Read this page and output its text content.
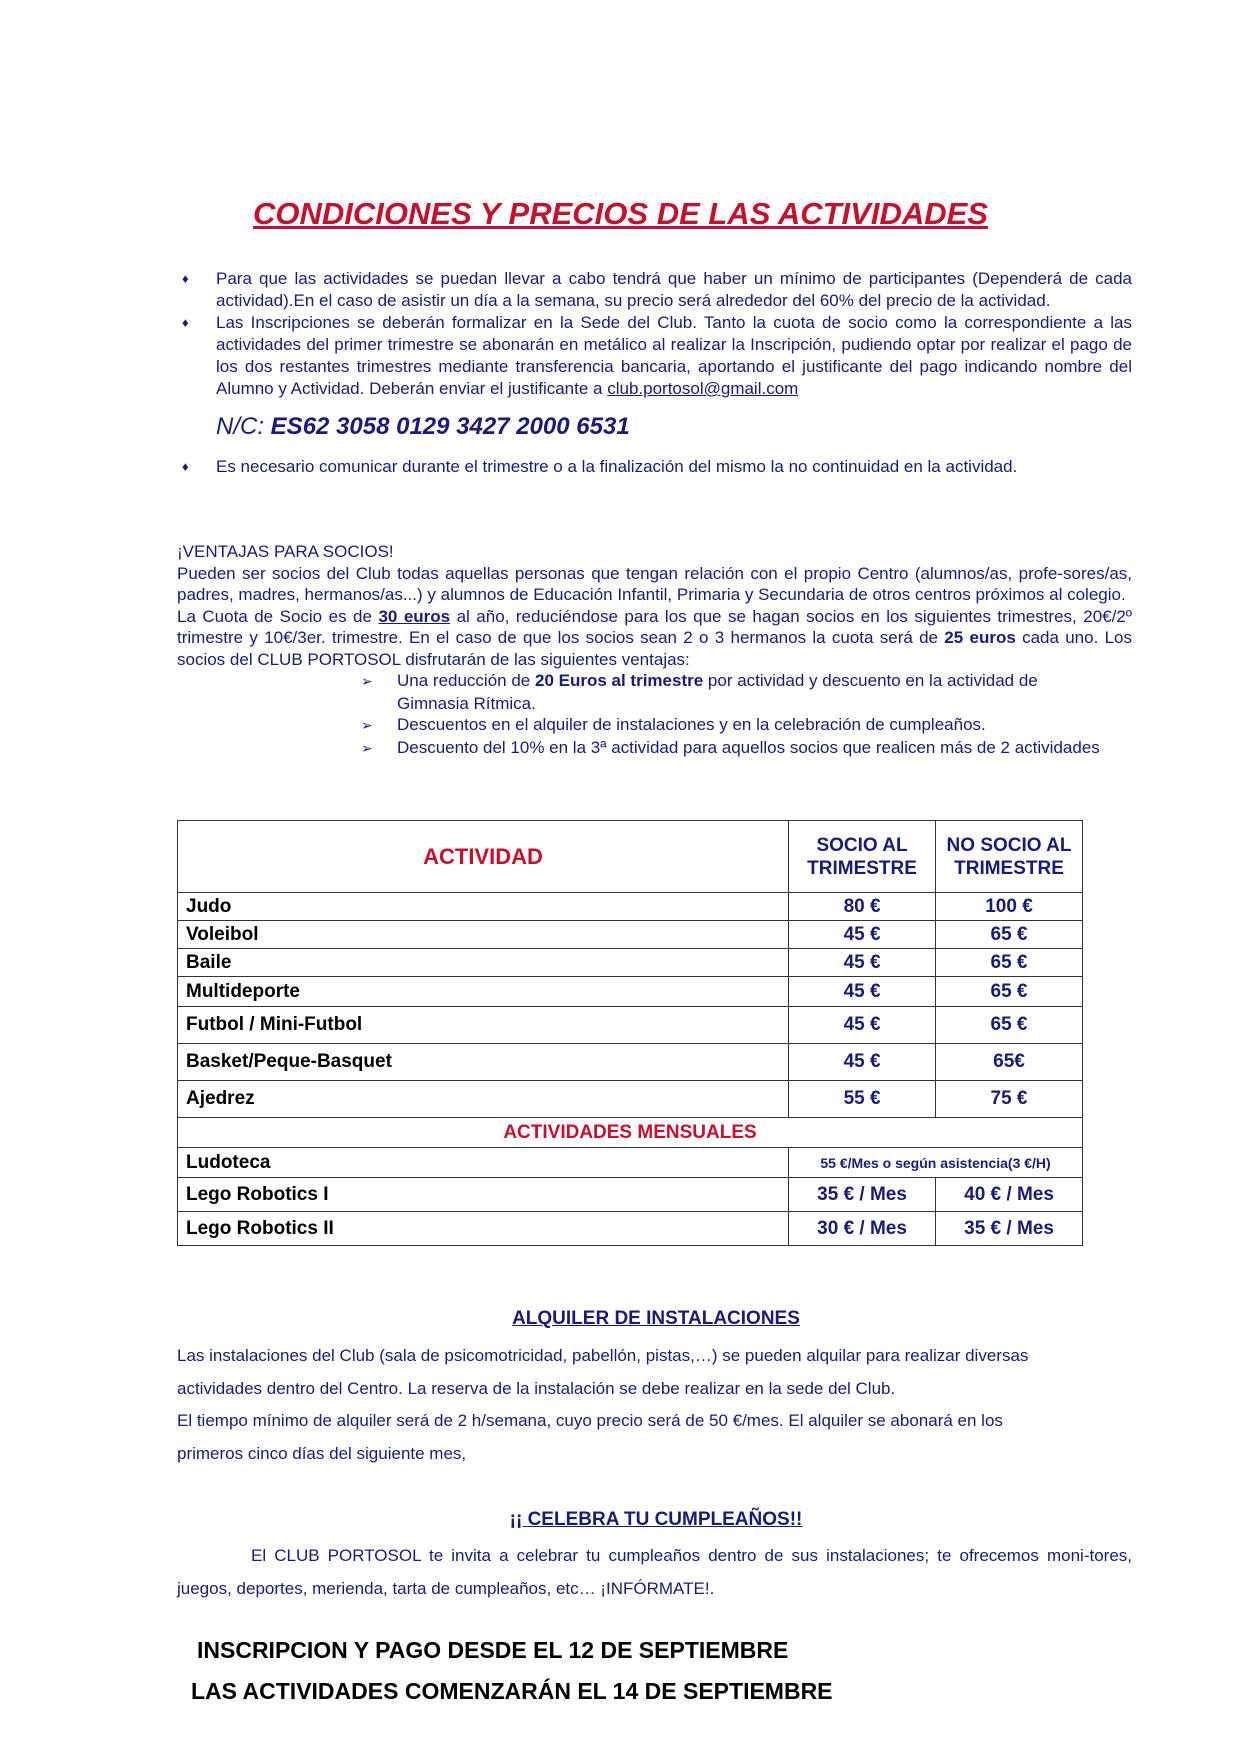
CONDICIONES Y PRECIOS DE LAS ACTIVIDADES
♦ Para que las actividades se puedan llevar a cabo tendrá que haber un mínimo de participantes (Dependerá de cada actividad).En el caso de asistir un día a la semana, su precio será alrededor del 60% del precio de la actividad.
♦ Las Inscripciones se deberán formalizar en la Sede del Club. Tanto la cuota de socio como la correspondiente a las actividades del primer trimestre se abonarán en metálico al realizar la Inscripción, pudiendo optar por realizar el pago de los dos restantes trimestres mediante transferencia bancaria, aportando el justificante del pago indicando nombre del Alumno y Actividad. Deberán enviar el justificante a club.portosol@gmail.com
N/C: ES62 3058 0129 3427 2000 6531
♦ Es necesario comunicar durante el trimestre o a la finalización del mismo la no continuidad en la actividad.

¡VENTAJAS PARA SOCIOS!

Pueden ser socios del Club todas aquellas personas que tengan relación con el propio Centro (alumnos/as, profe-sores/as, padres, madres, hermanos/as...) y alumnos de Educación Infantil, Primaria y Secundaria de otros centros próximos al colegio.

La Cuota de Socio es de 30 euros al año, reduciéndose para los que se hagan socios en los siguientes trimestres, 20€/2º trimestre y 10€/3er. trimestre. En el caso de que los socios sean 2 o 3 hermanos la cuota será de 25 euros cada uno. Los socios del CLUB PORTOSOL disfrutarán de las siguientes ventajas:

➢ Una reducción de 20 Euros al trimestre por actividad y descuento en la actividad de Gimnasia Rítmica.
➢ Descuentos en el alquiler de instalaciones y en la celebración de cumpleaños.
➢ Descuento del 10% en la 3ª actividad para aquellos socios que realicen más de 2 actividades
ACTIVIDAD	SOCIO AL TRIMESTRE	NO SOCIO AL TRIMESTRE
Judo	80 €	100 €
Voleibol	45 €	65 €
Baile	45 €	65 €
Multideporte	45 €	65 €
Futbol / Mini-Futbol	45 €	65 €
Basket/Peque-Basquet	45 €	65€
Ajedrez	55 €	75 €
ACTIVIDADES MENSUALES		
Ludoteca	55 €/Mes o según asistencia(3 €/H)	
Lego Robotics I	35 € / Mes	40 € / Mes
Lego Robotics II	30 € / Mes	35 € / Mes
ALQUILER DE INSTALACIONES

Las instalaciones del Club (sala de psicomotricidad, pabellón, pistas,…) se pueden alquilar para realizar diversas

actividades dentro del Centro. La reserva de la instalación se debe realizar en la sede del Club.

El tiempo mínimo de alquiler será de 2 h/semana, cuyo precio será de 50 €/mes. El alquiler se abonará en los

primeros cinco días del siguiente mes,

¡¡ CELEBRA TU CUMPLEAÑOS!!

El CLUB PORTOSOL te invita a celebrar tu cumpleaños dentro de sus instalaciones; te ofrecemos moni-tores, juegos, deportes, merienda, tarta de cumpleaños, etc… ¡INFÓRMATE!.

INSCRIPCION Y PAGO DESDE EL 12 DE SEPTIEMBRE
LAS ACTIVIDADES COMENZARÁN EL 14 DE SEPTIEMBRE
